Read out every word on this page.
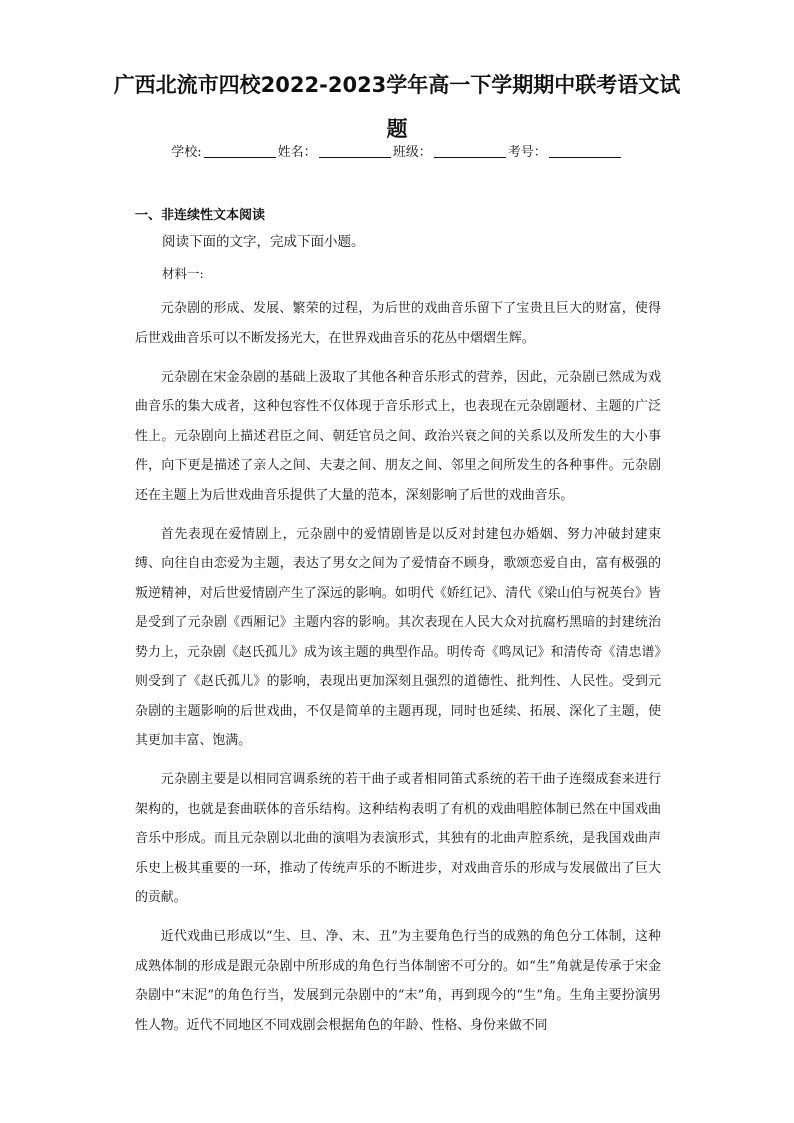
广西北流市四校2022-2023学年高一下学期期中联考语文试题
学校:	姓名：	班级：	考号：
一、非连续性文本阅读

阅读下面的文字，完成下面小题。

材料一:

元杂剧的形成、发展、繁荣的过程，为后世的戏曲音乐留下了宝贵且巨大的财富，使得后世戏曲音乐可以不断发扬光大，在世界戏曲音乐的花丛中熠熠生辉。

元杂剧在宋金杂剧的基础上汲取了其他各种音乐形式的营养，因此，元杂剧已然成为戏曲音乐的集大成者，这种包容性不仅体现于音乐形式上，也表现在元杂剧题材、主题的广泛性上。元杂剧向上描述君臣之间、朝廷官员之间、政治兴衰之间的关系以及所发生的大小事件，向下更是描述了亲人之间、夫妻之间、朋友之间、邻里之间所发生的各种事件。元杂剧还在主题上为后世戏曲音乐提供了大量的范本，深刻影响了后世的戏曲音乐。

首先表现在爱情剧上，元杂剧中的爱情剧皆是以反对封建包办婚姻、努力冲破封建束缚、向往自由恋爱为主题，表达了男女之间为了爱情奋不顾身，歌颂恋爱自由，富有极强的叛逆精神，对后世爱情剧产生了深远的影响。如明代《娇红记》、清代《梁山伯与祝英台》皆是受到了元杂剧《西厢记》主题内容的影响。其次表现在人民大众对抗腐朽黑暗的封建统治势力上，元杂剧《赵氏孤儿》成为该主题的典型作品。明传奇《鸣凤记》和清传奇《清忠谱》则受到了《赵氏孤儿》的影响，表现出更加深刻且强烈的道德性、批判性、人民性。受到元杂剧的主题影响的后世戏曲，不仅是简单的主题再现，同时也延续、拓展、深化了主题，使其更加丰富、饱满。

元杂剧主要是以相同宫调系统的若干曲子或者相同笛式系统的若干曲子连缀成套来进行架构的，也就是套曲联体的音乐结构。这种结构表明了有机的戏曲唱腔体制已然在中国戏曲音乐中形成。而且元杂剧以北曲的演唱为表演形式，其独有的北曲声腔系统，是我国戏曲声乐史上极其重要的一环，推动了传统声乐的不断进步，对戏曲音乐的形成与发展做出了巨大的贡献。

近代戏曲已形成以“生、旦、净、末、丑”为主要角色行当的成熟的角色分工体制，这种成熟体制的形成是跟元杂剧中所形成的角色行当体制密不可分的。如“生”角就是传承于宋金杂剧中“末泥”的角色行当，发展到元杂剧中的“末”角，再到现今的“生”角。生角主要扮演男性人物。近代不同地区不同戏剧会根据角色的年龄、性格、身份来做不同
